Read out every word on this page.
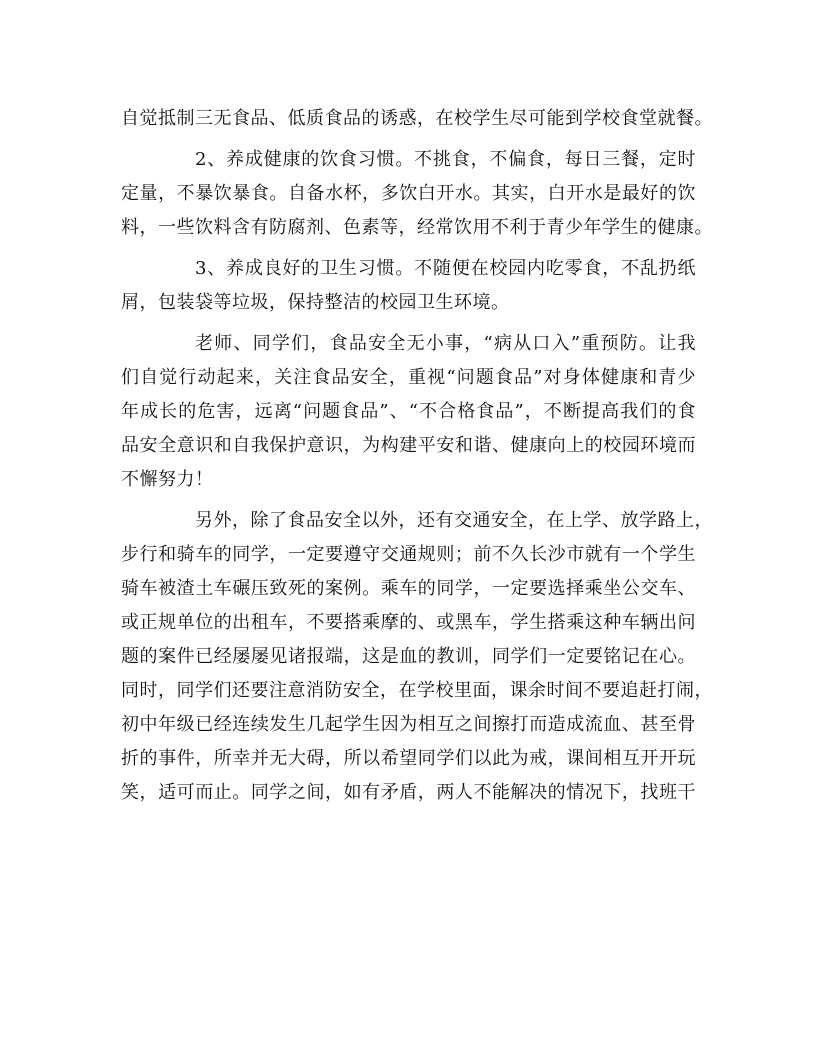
自觉抵制三无食品、低质食品的诱惑，在校学生尽可能到学校食堂就餐。
2、养成健康的饮食习惯。不挑食，不偏食，每日三餐，定时
定量，不暴饮暴食。自备水杯，多饮白开水。其实，白开水是最好的饮
料，一些饮料含有防腐剂、色素等，经常饮用不利于青少年学生的健康。
3、养成良好的卫生习惯。不随便在校园内吃零食，不乱扔纸
屑，包装袋等垃圾，保持整洁的校园卫生环境。
老师、同学们，食品安全无小事，“病从口入”重预防。让我
们自觉行动起来，关注食品安全，重视“问题食品”对身体健康和青少
年成长的危害，远离“问题食品”、“不合格食品”，不断提高我们的食
品安全意识和自我保护意识，为构建平安和谐、健康向上的校园环境而
不懈努力！
另外，除了食品安全以外，还有交通安全，在上学、放学路上，
步行和骑车的同学，一定要遵守交通规则；前不久长沙市就有一个学生
骑车被渣土车碾压致死的案例。乘车的同学，一定要选择乘坐公交车、
或正规单位的出租车，不要搭乘摩的、或黑车，学生搭乘这种车辆出问
题的案件已经屡屡见诸报端，这是血的教训，同学们一定要铭记在心。
同时，同学们还要注意消防安全，在学校里面，课余时间不要追赶打闹，
初中年级已经连续发生几起学生因为相互之间擦打而造成流血、甚至骨
折的事件，所幸并无大碍，所以希望同学们以此为戒，课间相互开开玩
笑，适可而止。同学之间，如有矛盾，两人不能解决的情况下，找班干
